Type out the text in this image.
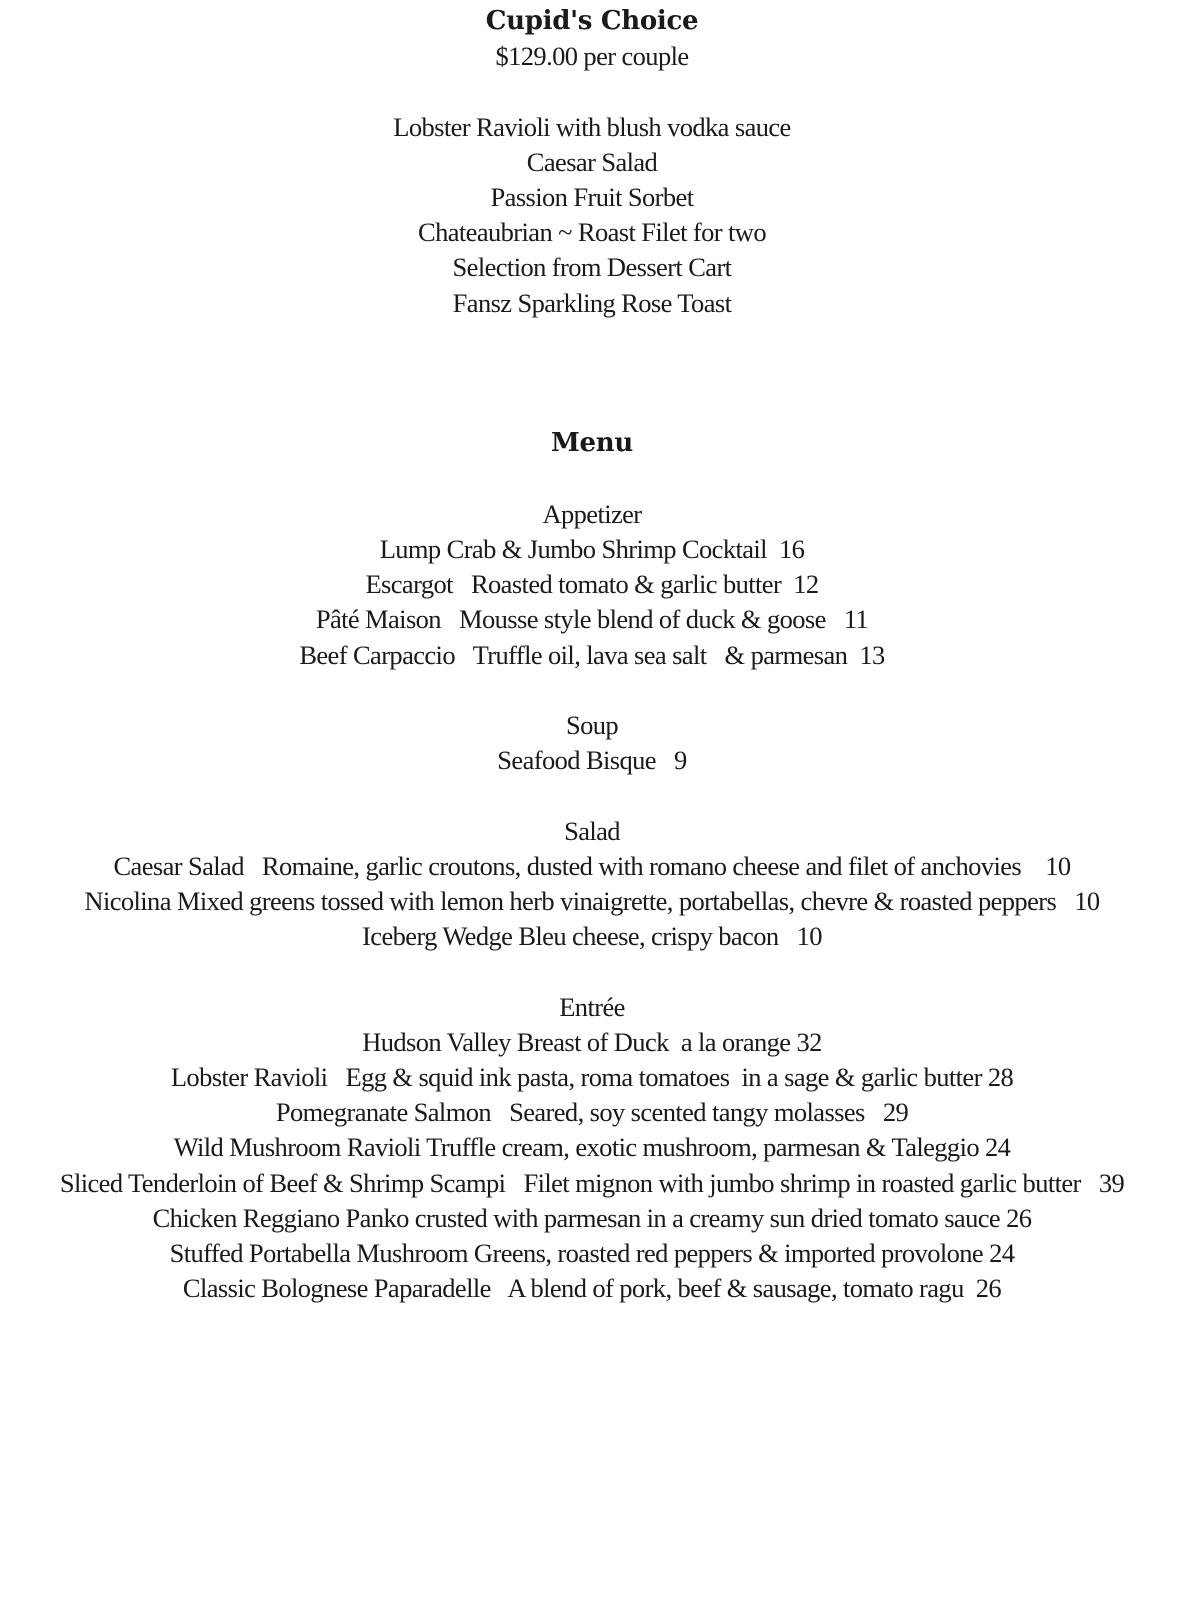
Cupid's Choice
$129.00 per couple
Lobster Ravioli with blush vodka sauce
Caesar Salad
Passion Fruit Sorbet
Chateaubrian ~ Roast Filet for two
Selection from Dessert Cart
Fansz Sparkling Rose Toast
Menu
Appetizer
Lump Crab & Jumbo Shrimp Cocktail  16
Escargot   Roasted tomato & garlic butter  12
Pâté Maison   Mousse style blend of duck & goose   11
Beef Carpaccio   Truffle oil, lava sea salt   & parmesan  13
Soup
Seafood Bisque   9
Salad
Caesar Salad   Romaine, garlic croutons, dusted with romano cheese and filet of anchovies    10
Nicolina Mixed greens tossed with lemon herb vinaigrette, portabellas, chevre & roasted peppers   10
Iceberg Wedge Bleu cheese, crispy bacon   10
Entrée
Hudson Valley Breast of Duck  a la orange 32
Lobster Ravioli   Egg & squid ink pasta, roma tomatoes  in a sage & garlic butter 28
Pomegranate Salmon   Seared, soy scented tangy molasses   29
Wild Mushroom Ravioli Truffle cream, exotic mushroom, parmesan & Taleggio 24
Sliced Tenderloin of Beef & Shrimp Scampi   Filet mignon with jumbo shrimp in roasted garlic butter   39
Chicken Reggiano Panko crusted with parmesan in a creamy sun dried tomato sauce 26
Stuffed Portabella Mushroom Greens, roasted red peppers & imported provolone 24
Classic Bolognese Paparadelle   A blend of pork, beef & sausage, tomato ragu  26
